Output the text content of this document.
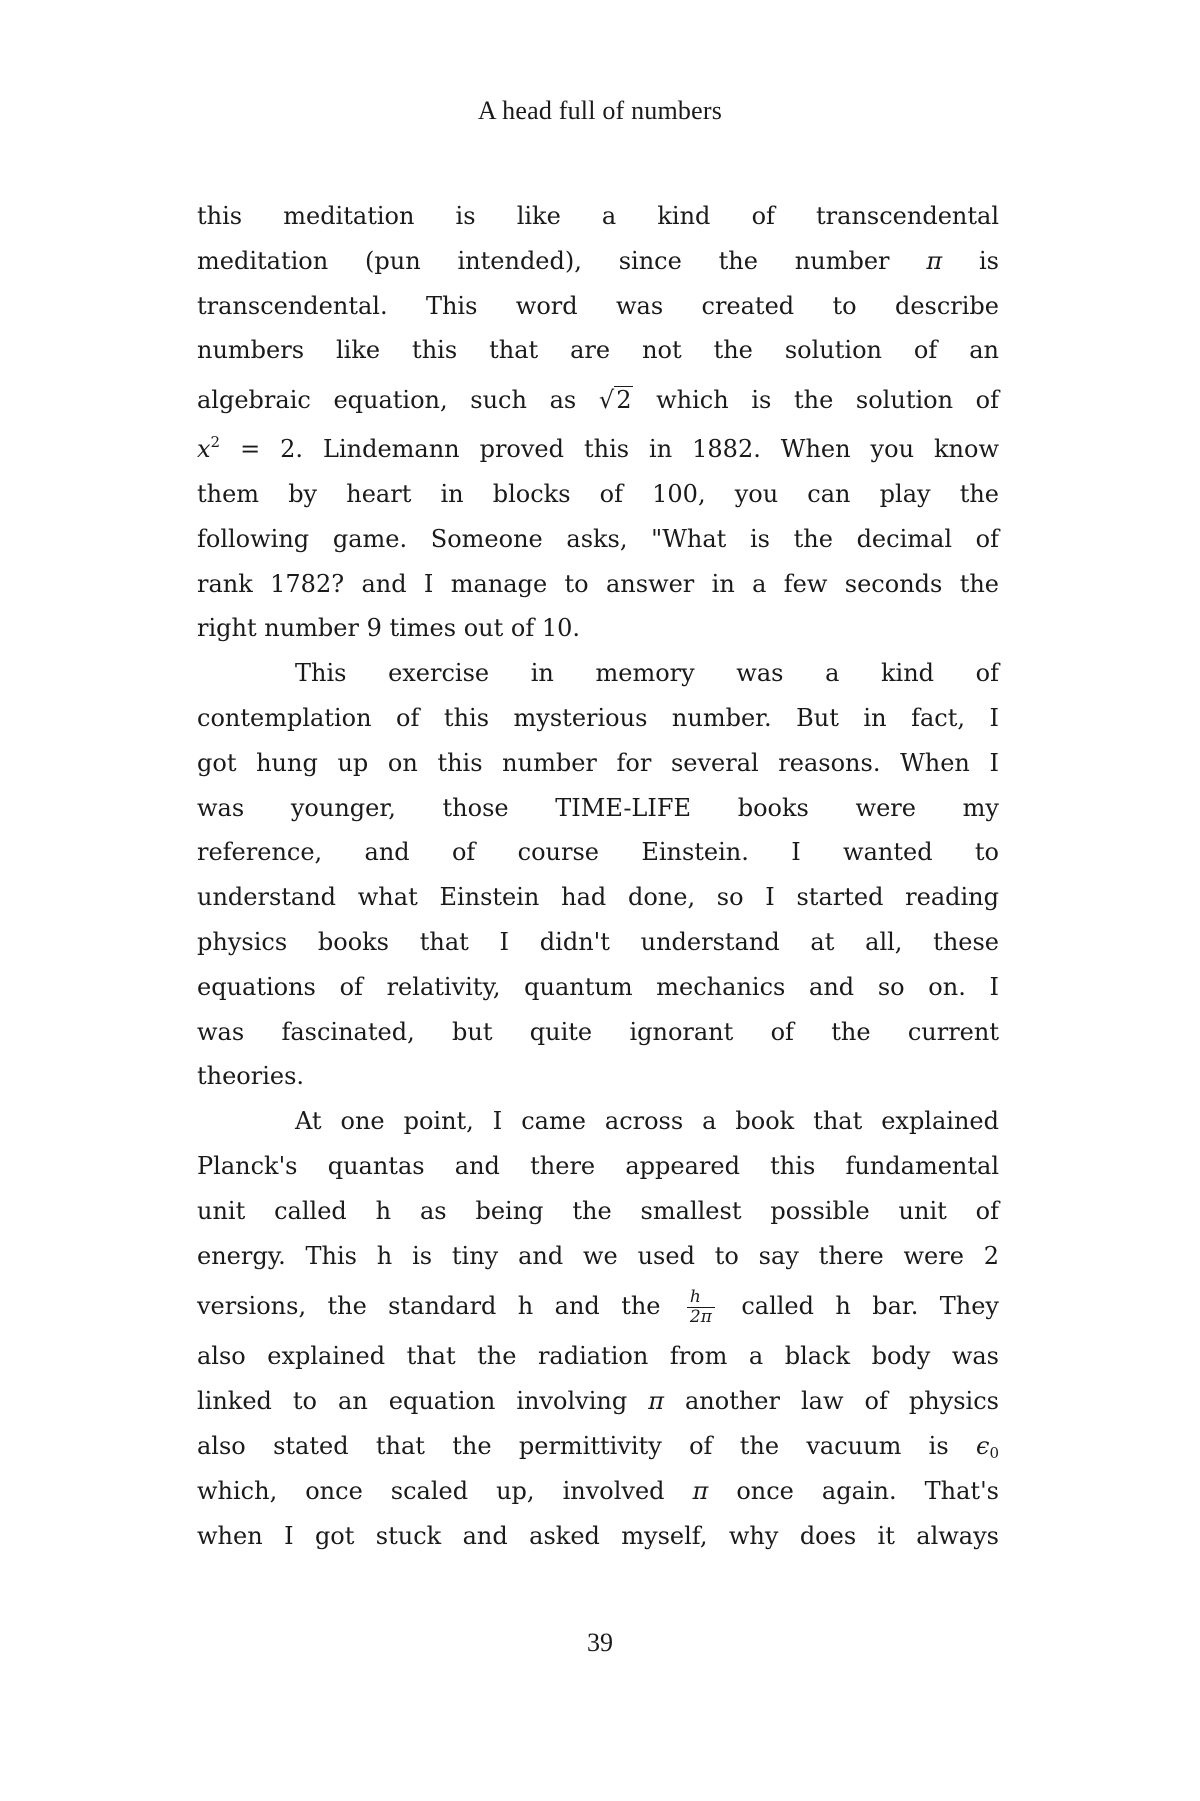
A head full of numbers
this meditation is like a kind of transcendental
meditation (pun intended), since the number π is
transcendental. This word was created to describe
numbers like this that are not the solution of an
algebraic equation, such as √2 which is the solution of
$x^2 = 2$. Lindemann proved this in 1882. When you know
them by heart in blocks of 100, you can play the
following game. Someone asks, "What is the decimal of
rank 1782? and I manage to answer in a few seconds the
right number 9 times out of 10.
This exercise in memory was a kind of
contemplation of this mysterious number. But in fact, I
got hung up on this number for several reasons. When I
was younger, those TIME-LIFE books were my
reference, and of course Einstein. I wanted to
understand what Einstein had done, so I started reading
physics books that I didn't understand at all, these
equations of relativity, quantum mechanics and so on. I
was fascinated, but quite ignorant of the current
theories.
At one point, I came across a book that explained
Planck's quantas and there appeared this fundamental
unit called h as being the smallest possible unit of
energy. This h is tiny and we used to say there were 2
versions, the standard h and the $\frac{h}{2\pi}$ called h bar. They
also explained that the radiation from a black body was
linked to an equation involving π another law of physics
also stated that the permittivity of the vacuum is $\epsilon_0$
which, once scaled up, involved π once again. That's
when I got stuck and asked myself, why does it always
39
